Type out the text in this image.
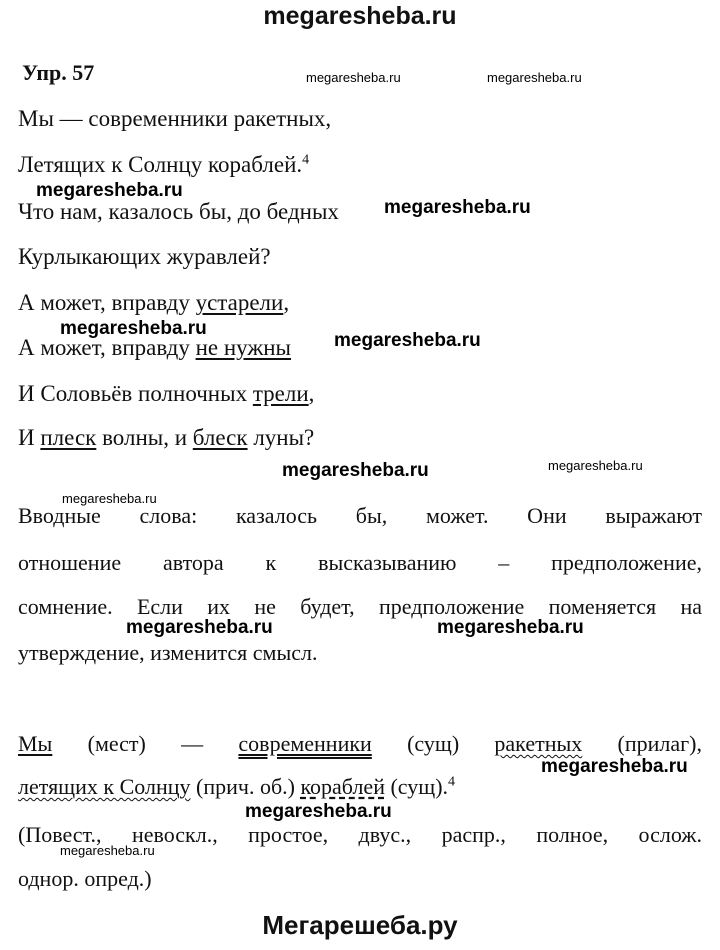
megaresheba.ru
Упр. 57	megaresheba.ru	megaresheba.ru
megaresheba.ru
megaresheba.ru
megaresheba.ru
megaresheba.ru
megaresheba.ru	megaresheba.ru
megaresheba.ru
megaresheba.ru	megaresheba.ru
megaresheba.ru
megaresheba.ru
megaresheba.ru
Мы — современники ракетных,
Летящих к Солнцу кораблей.$^4$
Что нам, казалось бы, до бедных
Курлыкающих журавлей?
А может, вправду устарели,
А может, вправду не нужны
И Соловьёв полночных трели,
И плеск волны, и блеск луны?
Вводные слова: казалось бы, может. Они выражают
отношение автора к высказыванию – предположение,
сомнение. Если их не будет, предположение поменяется на
утверждение, изменится смысл.
Мы (мест) — современники (сущ) ракетных (прилаг),
летящих к Солнцу (прич. об.) кораблей (сущ).$^4$
(Повест., невоскл., простое, двус., распр., полное, ослож.
однор. опред.)
Мегарешеба.ру
